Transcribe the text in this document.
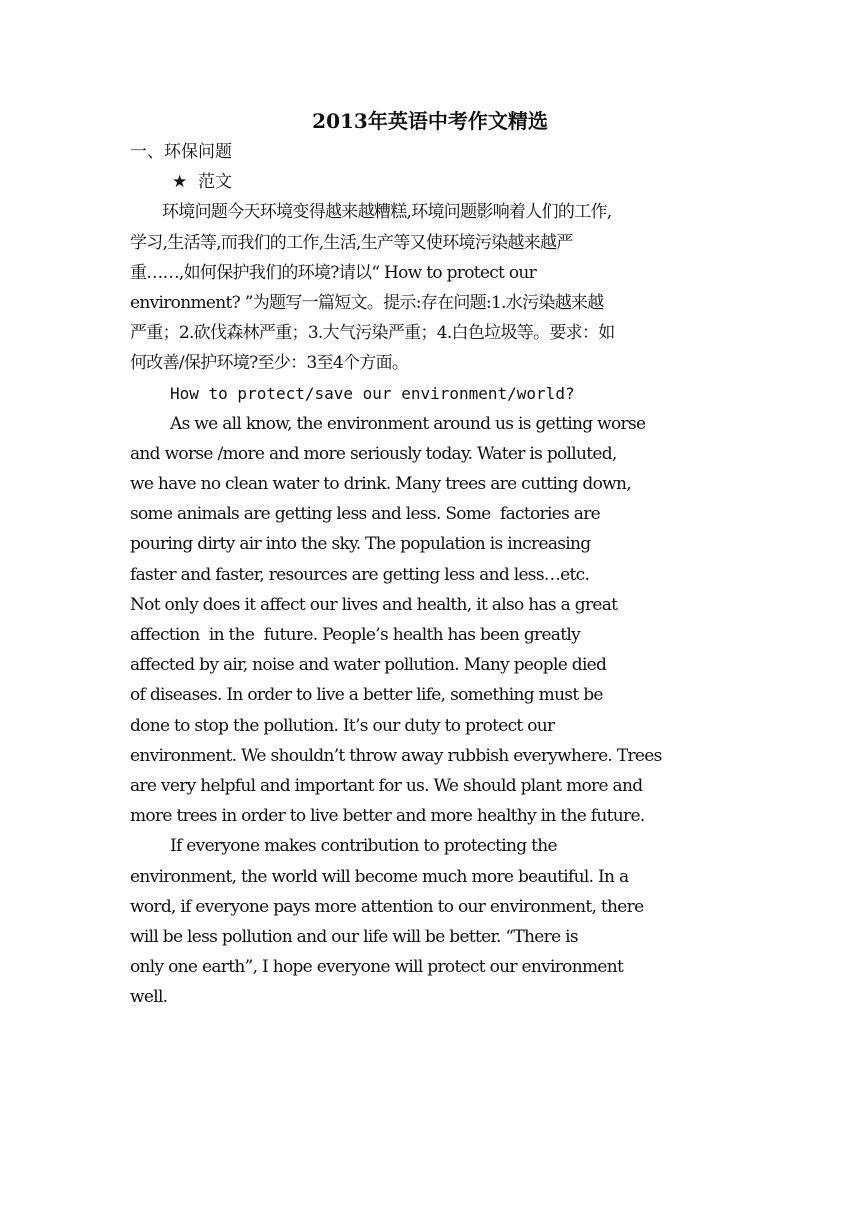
2013年英语中考作文精选
一、环保问题
★ 范文
环境问题今天环境变得越来越糟糕,环境问题影响着人们的工作,
学习,生活等,而我们的工作,生活,生产等又使环境污染越来越严
重……,如何保护我们的环境?请以“ How to protect our
environment? ”为题写一篇短文。提示:存在问题:1.水污染越来越
严重；2.砍伐森林严重；3.大气污染严重；4.白色垃圾等。要求：如
何改善/保护环境?至少：3至4个方面。
How to protect/save our environment/world?
As we all know, the environment around us is getting worse
and worse /more and more seriously today. Water is polluted,
we have no clean water to drink. Many trees are cutting down,
some animals are getting less and less. Some  factories are
pouring dirty air into the sky. The population is increasing
faster and faster, resources are getting less and less…etc.
Not only does it affect our lives and health, it also has a great
affection  in the  future. People’s health has been greatly
affected by air, noise and water pollution. Many people died
of diseases. In order to live a better life, something must be
done to stop the pollution. It’s our duty to protect our
environment. We shouldn’t throw away rubbish everywhere. Trees
are very helpful and important for us. We should plant more and
more trees in order to live better and more healthy in the future.
If everyone makes contribution to protecting the
environment, the world will become much more beautiful. In a
word, if everyone pays more attention to our environment, there
will be less pollution and our life will be better. “There is
only one earth”, I hope everyone will protect our environment
well.
